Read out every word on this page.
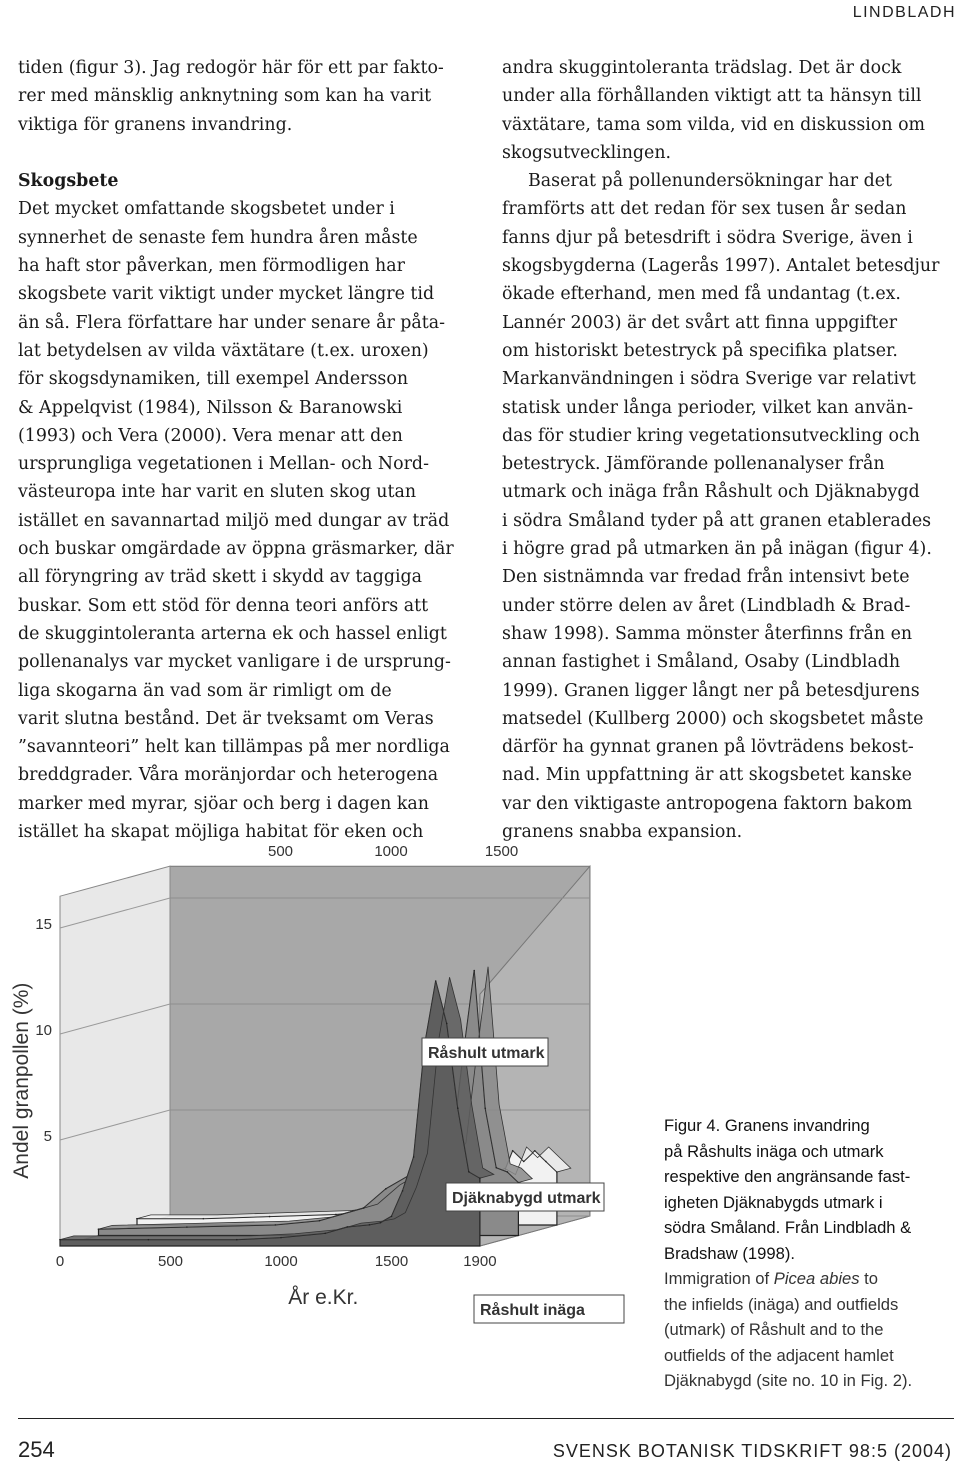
LINDBLADH
tiden (figur 3). Jag redogör här för ett par fakto-
rer med mänsklig anknytning som kan ha varit
viktiga för granens invandring.
Skogsbete
Det mycket omfattande skogsbetet under i
synnerhet de senaste fem hundra åren måste
ha haft stor påverkan, men förmodligen har
skogsbete varit viktigt under mycket längre tid
än så. Flera författare har under senare år påta-
lat betydelsen av vilda växtätare (t.ex. uroxen)
för skogsdynamiken, till exempel Andersson
& Appelqvist (1984), Nilsson & Baranowski
(1993) och Vera (2000). Vera menar att den
ursprungliga vegetationen i Mellan- och Nord-
västeuropa inte har varit en sluten skog utan
istället en savannartad miljö med dungar av träd
och buskar omgärdade av öppna gräsmarker, där
all föryngring av träd skett i skydd av taggiga
buskar. Som ett stöd för denna teori anförs att
de skuggintoleranta arterna ek och hassel enligt
pollenanalys var mycket vanligare i de ursprung-
liga skogarna än vad som är rimligt om de
varit slutna bestånd. Det är tveksamt om Veras
”savannteori” helt kan tillämpas på mer nordliga
breddgrader. Våra moränjordar och heterogena
marker med myrar, sjöar och berg i dagen kan
istället ha skapat möjliga habitat för eken och
andra skuggintoleranta trädslag. Det är dock
under alla förhållanden viktigt att ta hänsyn till
växtätare, tama som vilda, vid en diskussion om
skogsutvecklingen.
Baserat på pollenundersökningar har det
framförts att det redan för sex tusen år sedan
fanns djur på betesdrift i södra Sverige, även i
skogsbygderna (Lagerås 1997). Antalet betesdjur
ökade efterhand, men med få undantag (t.ex.
Lannér 2003) är det svårt att finna uppgifter
om historiskt betestryck på specifika platser.
Markanvändningen i södra Sverige var relativt
statisk under långa perioder, vilket kan använ-
das för studier kring vegetationsutveckling och
betestryck. Jämförande pollenanalyser från
utmark och inäga från Råshult och Djäknabygd
i södra Småland tyder på att granen etablerades
i högre grad på utmarken än på inägan (figur 4).
Den sistnämnda var fredad från intensivt bete
under större delen av året (Lindbladh & Brad-
shaw 1998). Samma mönster återfinns från en
annan fastighet i Småland, Osaby (Lindbladh
1999). Granen ligger långt ner på betesdjurens
matsedel (Kullberg 2000) och skogsbetet måste
därför ha gynnat granen på lövträdens bekost-
nad. Min uppfattning är att skogsbetet kanske
var den viktigaste antropogena faktorn bakom
granens snabba expansion.
0	500	1000	1500	1900
500	1000	1500
5
10
15
År e.Kr.
Andel granpollen (%)
Råshult inäga
Djäknabygd utmark
Råshult utmark
Figur 4. Granens invandring
på Råshults inäga och utmark
respektive den angränsande fast-
igheten Djäknabygds utmark i
södra Småland. Från Lindbladh &
Bradshaw (1998).
Immigration of Picea abies to
the infields (inäga) and outfields
(utmark) of Råshult and to the
outfields of the adjacent hamlet
Djäknabygd (site no. 10 in Fig. 2).
254	SVENSK BOTANISK TIDSKRIFT 98:5 (2004)
